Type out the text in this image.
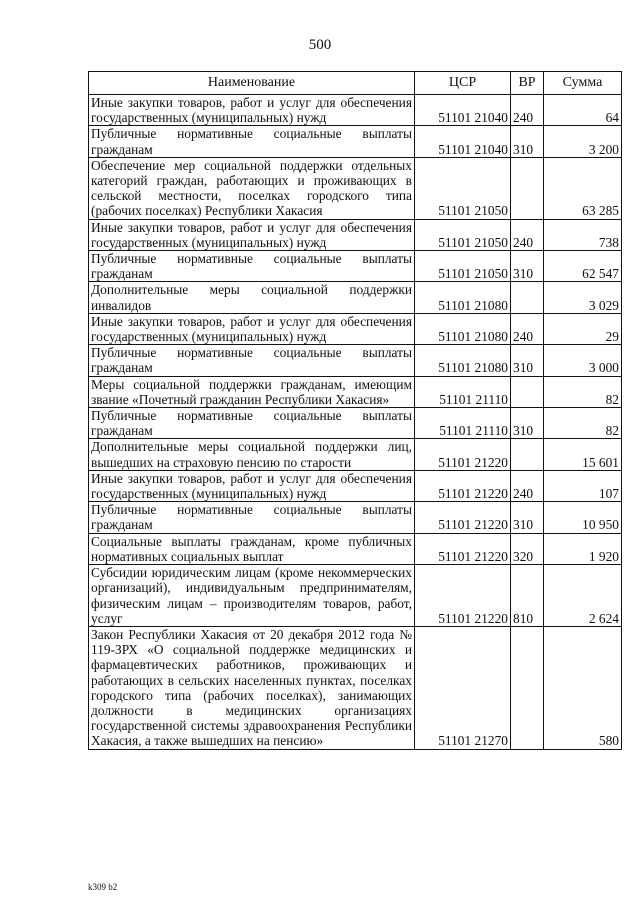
500
Наименование	ЦСР	ВР	Сумма
Иные закупки товаров, работ и услуг для обеспечения государственных (муниципальных) нужд	51101 21040	240	64
Публичные нормативные социальные выплаты гражданам	51101 21040	310	3 200
Обеспечение мер социальной поддержки отдельных категорий граждан, работающих и проживающих в сельской местности, поселках городского типа (рабочих поселках) Республики Хакасия	51101 21050		63 285
Иные закупки товаров, работ и услуг для обеспечения государственных (муниципальных) нужд	51101 21050	240	738
Публичные нормативные социальные выплаты гражданам	51101 21050	310	62 547
Дополнительные меры социальной поддержки инвалидов	51101 21080		3 029
Иные закупки товаров, работ и услуг для обеспечения государственных (муниципальных) нужд	51101 21080	240	29
Публичные нормативные социальные выплаты гражданам	51101 21080	310	3 000
Меры социальной поддержки гражданам, имеющим звание «Почетный гражданин Республики Хакасия»	51101 21110		82
Публичные нормативные социальные выплаты гражданам	51101 21110	310	82
Дополнительные меры социальной поддержки лиц, вышедших на страховую пенсию по старости	51101 21220		15 601
Иные закупки товаров, работ и услуг для обеспечения государственных (муниципальных) нужд	51101 21220	240	107
Публичные нормативные социальные выплаты гражданам	51101 21220	310	10 950
Социальные выплаты гражданам, кроме публичных нормативных социальных выплат	51101 21220	320	1 920
Субсидии юридическим лицам (кроме некоммерческих организаций), индивидуальным предпринимателям, физическим лицам – производителям товаров, работ, услуг	51101 21220	810	2 624
Закон Республики Хакасия от 20 декабря 2012 года № 119-ЗРХ «О социальной поддержке медицинских и фармацевтических работников, проживающих и работающих в сельских населенных пунктах, поселках городского типа (рабочих поселках), занимающих должности в медицинских организациях государственной системы здравоохранения Республики Хакасия, а также вышедших на пенсию»	51101 21270		580
k309 b2
